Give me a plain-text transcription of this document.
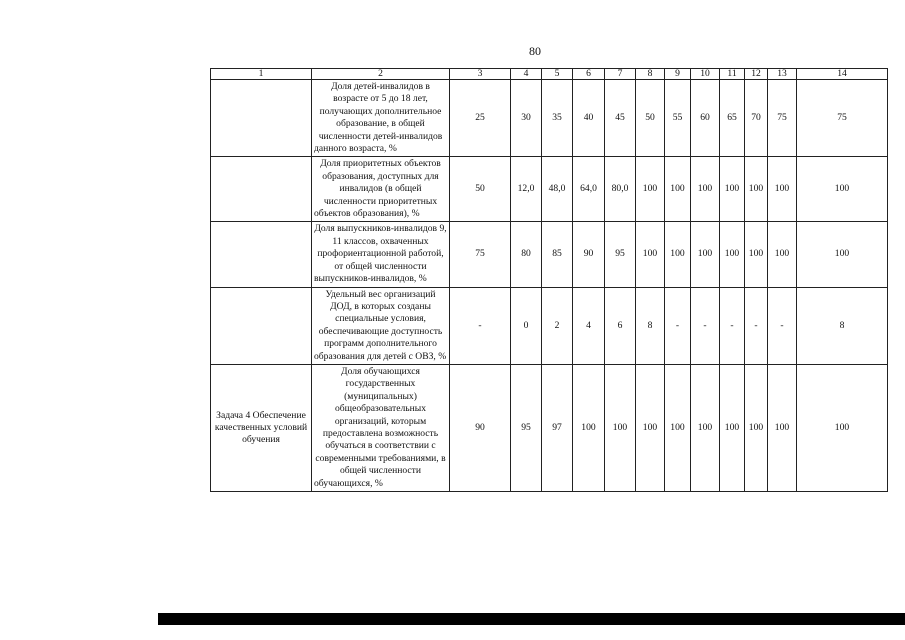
80
1	2	3	4	5	6	7	8	9	10	11	12	13	14
	Доля детей-инвалидов в возрасте от 5 до 18 лет, получающих дополнительное образование, в общей численности детей-инвалидов данного возраста, %	25	30	35	40	45	50	55	60	65	70	75	75
	Доля приоритетных объектов образования, доступных для инвалидов (в общей численности приоритетных объектов образования), %	50	12,0	48,0	64,0	80,0	100	100	100	100	100	100	100
	Доля выпускников-инвалидов 9, 11 классов, охваченных профориентационной работой, от общей численности выпускников-инвалидов, %	75	80	85	90	95	100	100	100	100	100	100	100
	Удельный вес организаций ДОД, в которых созданы специальные условия, обеспечивающие доступность программ дополнительного образования для детей с ОВЗ, %	-	0	2	4	6	8	-	-	-	-	-	8
Задача 4 Обеспечение качественных условий обучения	Доля обучающихся государственных (муниципальных) общеобразовательных организаций, которым предоставлена возможность обучаться в соответствии с современными требованиями, в общей численности обучающихся, %	90	95	97	100	100	100	100	100	100	100	100	100
